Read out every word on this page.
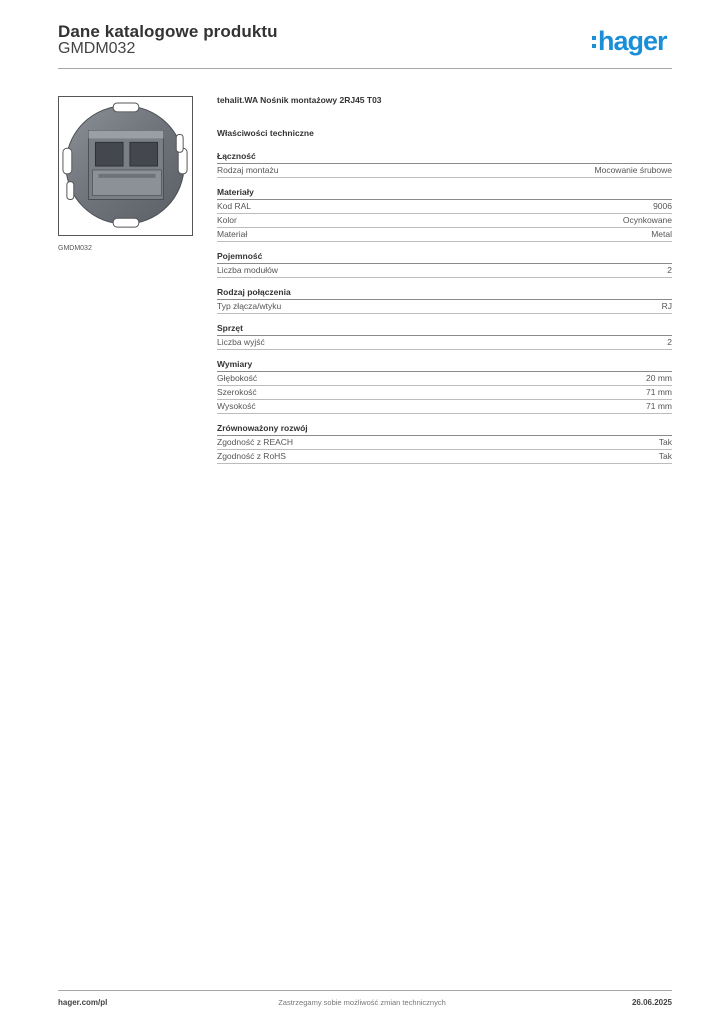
Dane katalogowe produktu
GMDM032	hager
GMDM032
tehalit.WA Nośnik montażowy 2RJ45 T03
Właściwości techniczne
Łączność
Rodzaj montażu	Mocowanie śrubowe
Materiały
Kod RAL	9006
Kolor	Ocynkowane
Materiał	Metal
Pojemność
Liczba modułów	2
Rodzaj połączenia
Typ złącza/wtyku	RJ
Sprzęt
Liczba wyjść	2
Wymiary
Głębokość	20 mm
Szerokość	71 mm
Wysokość	71 mm
Zrównoważony rozwój
Zgodność z REACH	Tak
Zgodność z RoHS	Tak
hager.com/pl	Zastrzegamy sobie możliwość zmian technicznych	26.06.2025
